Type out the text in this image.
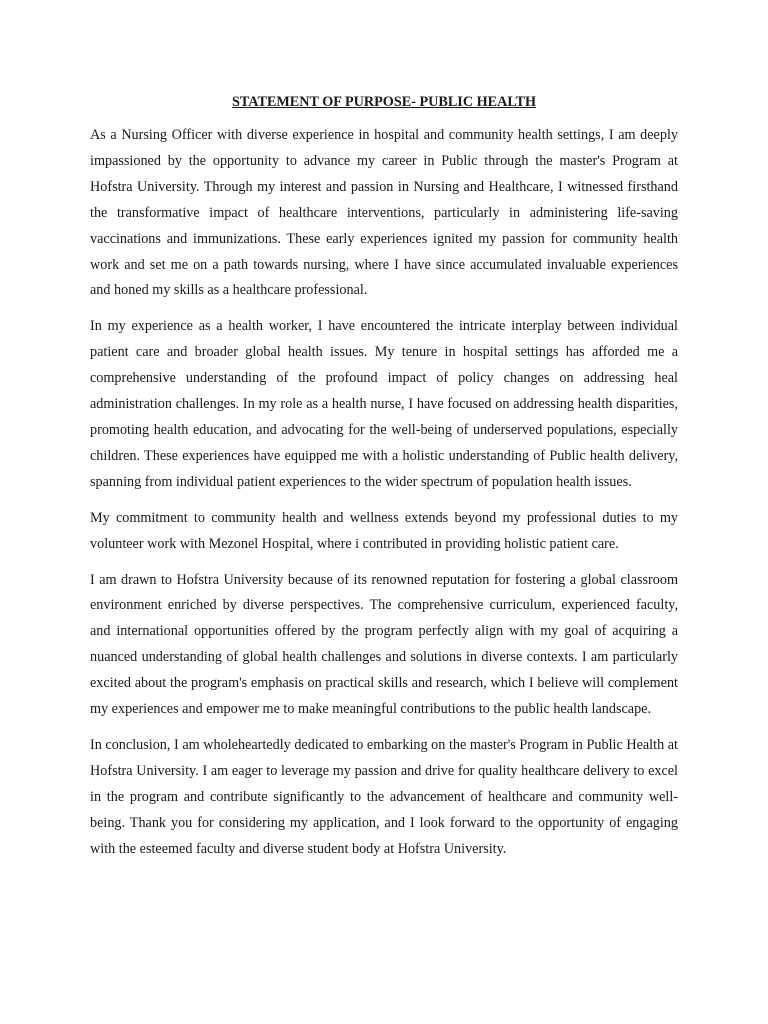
STATEMENT OF PURPOSE- PUBLIC HEALTH

As a Nursing Officer with diverse experience in hospital and community health settings, I am deeply impassioned by the opportunity to advance my career in Public through the master's Program at Hofstra University. Through my interest and passion in Nursing and Healthcare, I witnessed firsthand the transformative impact of healthcare interventions, particularly in administering life-saving vaccinations and immunizations. These early experiences ignited my passion for community health work and set me on a path towards nursing, where I have since accumulated invaluable experiences and honed my skills as a healthcare professional.

In my experience as a health worker, I have encountered the intricate interplay between individual patient care and broader global health issues. My tenure in hospital settings has afforded me a comprehensive understanding of the profound impact of policy changes on addressing heal administration challenges. In my role as a health nurse, I have focused on addressing health disparities, promoting health education, and advocating for the well-being of underserved populations, especially children. These experiences have equipped me with a holistic understanding of Public health delivery, spanning from individual patient experiences to the wider spectrum of population health issues.

My commitment to community health and wellness extends beyond my professional duties to my volunteer work with Mezonel Hospital, where i contributed in providing holistic patient care.

I am drawn to Hofstra University because of its renowned reputation for fostering a global classroom environment enriched by diverse perspectives. The comprehensive curriculum, experienced faculty, and international opportunities offered by the program perfectly align with my goal of acquiring a nuanced understanding of global health challenges and solutions in diverse contexts. I am particularly excited about the program's emphasis on practical skills and research, which I believe will complement my experiences and empower me to make meaningful contributions to the public health landscape.

In conclusion, I am wholeheartedly dedicated to embarking on the master's Program in Public Health at Hofstra University. I am eager to leverage my passion and drive for quality healthcare delivery to excel in the program and contribute significantly to the advancement of healthcare and community well-being. Thank you for considering my application, and I look forward to the opportunity of engaging with the esteemed faculty and diverse student body at Hofstra University.
